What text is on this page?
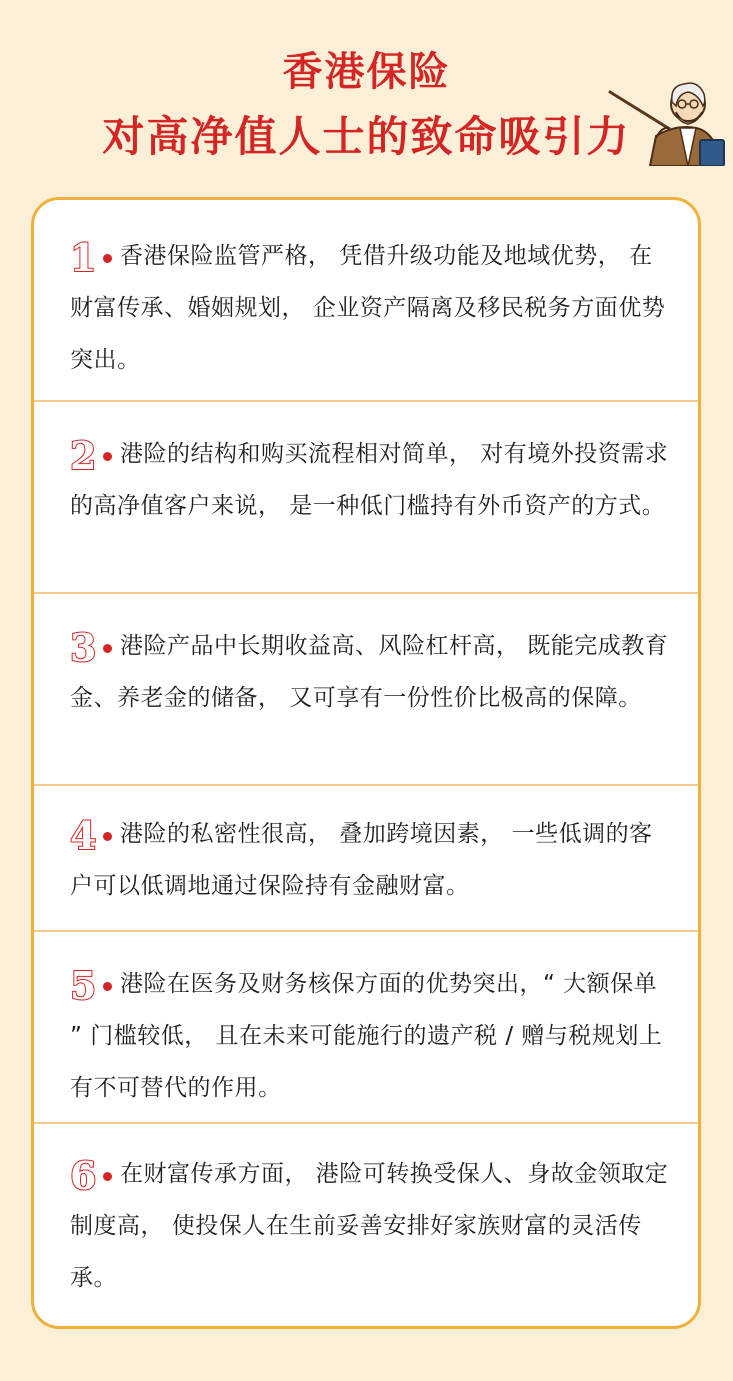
香港保险
对高净值人士的致命吸引力
1 香港保险监管严格， 凭借升级功能及地域优势， 在财富传承、婚姻规划， 企业资产隔离及移民税务方面优势突出。
2 港险的结构和购买流程相对简单， 对有境外投资需求的高净值客户来说， 是一种低门槛持有外币资产的方式。
3 港险产品中长期收益高、风险杠杆高， 既能完成教育金、养老金的储备， 又可享有一份性价比极高的保障。
4 港险的私密性很高， 叠加跨境因素， 一些低调的客户可以低调地通过保险持有金融财富。
5 港险在医务及财务核保方面的优势突出，“ 大额保单 ” 门槛较低， 且在未来可能施行的遗产税 / 赠与税规划上有不可替代的作用。
6 在财富传承方面， 港险可转换受保人、身故金领取定制度高， 使投保人在生前妥善安排好家族财富的灵活传承。
